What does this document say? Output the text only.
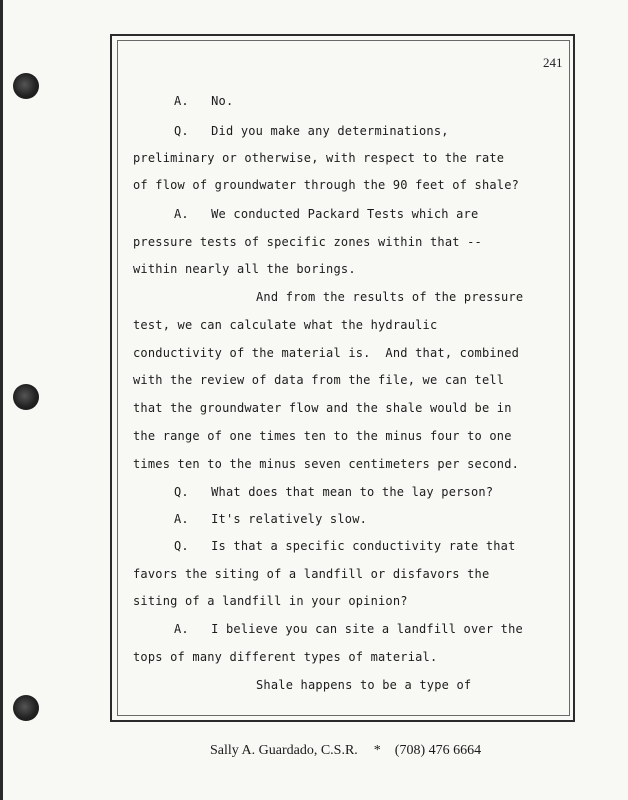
241
A.   No.
Q.   Did you make any determinations,
preliminary or otherwise, with respect to the rate
of flow of groundwater through the 90 feet of shale?
A.   We conducted Packard Tests which are
pressure tests of specific zones within that --
within nearly all the borings.
And from the results of the pressure
test, we can calculate what the hydraulic
conductivity of the material is.  And that, combined
with the review of data from the file, we can tell
that the groundwater flow and the shale would be in
the range of one times ten to the minus four to one
times ten to the minus seven centimeters per second.
Q.   What does that mean to the lay person?
A.   It's relatively slow.
Q.   Is that a specific conductivity rate that
favors the siting of a landfill or disfavors the
siting of a landfill in your opinion?
A.   I believe you can site a landfill over the
tops of many different types of material.
Shale happens to be a type of
Sally A. Guardado, C.S.R. * (708) 476 6664
